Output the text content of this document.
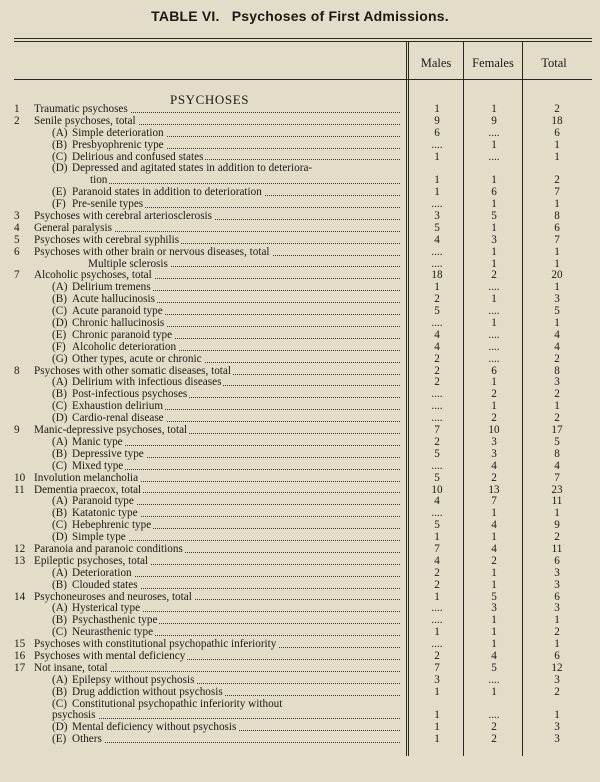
TABLE VI. Psychoses of First Admissions.
Males	Females	Total
PSYCHOSES
1	Traumatic psychoses	1	1	2
2	Senile psychoses, total	9	9	18
(A) Simple deterioration	6	....	6
(B) Presbyophrenic type	....	1	1
(C) Delirious and confused states	1	....	1
(D) Depressed and agitated states in addition to deteriora-
tion	1	1	2
(E) Paranoid states in addition to deterioration	1	6	7
(F) Pre-senile types	....	1	1
3	Psychoses with cerebral arteriosclerosis	3	5	8
4	General paralysis	5	1	6
5	Psychoses with cerebral syphilis	4	3	7
6	Psychoses with other brain or nervous diseases, total	....	1	1
Multiple sclerosis	....	1	1
7	Alcoholic psychoses, total	18	2	20
(A) Delirium tremens	1	....	1
(B) Acute hallucinosis	2	1	3
(C) Acute paranoid type	5	....	5
(D) Chronic hallucinosis	....	1	1
(E) Chronic paranoid type	4	....	4
(F) Alcoholic deterioration	4	....	4
(G) Other types, acute or chronic	2	....	2
8	Psychoses with other somatic diseases, total	2	6	8
(A) Delirium with infectious diseases	2	1	3
(B) Post-infectious psychoses	....	2	2
(C) Exhaustion delirium	....	1	1
(D) Cardio-renal disease	....	2	2
9	Manic-depressive psychoses, total	7	10	17
(A) Manic type	2	3	5
(B) Depressive type	5	3	8
(C) Mixed type	....	4	4
10 Involution melancholia	5	2	7
11 Dementia praecox, total	10	13	23
(A) Paranoid type	4	7	11
(B) Katatonic type	....	1	1
(C) Hebephrenic type	5	4	9
(D) Simple type	1	1	2
12 Paranoia and paranoic conditions	7	4	11
13 Epileptic psychoses, total	4	2	6
(A) Deterioration	2	1	3
(B) Clouded states	2	1	3
14 Psychoneuroses and neuroses, total	1	5	6
(A) Hysterical type	....	3	3
(B) Psychasthenic type	....	1	1
(C) Neurasthenic type	1	1	2
15 Psychoses with constitutional psychopathic inferiority	....	1	1
16 Psychoses with mental deficiency	2	4	6
17 Not insane, total	7	5	12
(A) Epilepsy without psychosis	3	....	3
(B) Drug addiction without psychosis	1	1	2
(C) Constitutional psychopathic inferiority without
psychosis	1	....	1
(D) Mental deficiency without psychosis	1	2	3
(E) Others	1	2	3
